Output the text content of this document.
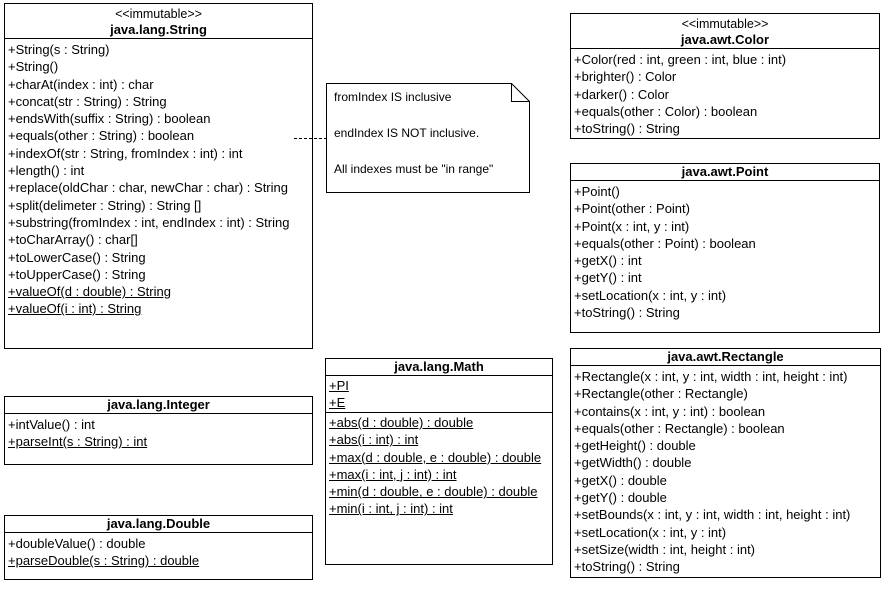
<<immutable>>
java.lang.String
+String(s : String)
+String()
+charAt(index : int) : char
+concat(str : String) : String
+endsWith(suffix : String) : boolean
+equals(other : String) : boolean
+indexOf(str : String, fromIndex : int) : int
+length() : int
+replace(oldChar : char, newChar : char) : String
+split(delimeter : String) : String []
+substring(fromIndex : int, endIndex : int) : String
+toCharArray() : char[]
+toLowerCase() : String
+toUpperCase() : String
+valueOf(d : double) : String
+valueOf(i : int) : String
java.lang.Integer
+intValue() : int
+parseInt(s : String) : int
java.lang.Double
+doubleValue() : double
+parseDouble(s : String) : double
fromIndex IS inclusive
endIndex IS NOT inclusive.
All indexes must be "in range"
java.lang.Math
+PI
+E
+abs(d : double) : double
+abs(i : int) : int
+max(d : double, e : double) : double
+max(i : int, j : int) : int
+min(d : double, e : double) : double
+min(i : int, j : int) : int
<<immutable>>
java.awt.Color
+Color(red : int, green : int, blue : int)
+brighter() : Color
+darker() : Color
+equals(other : Color) : boolean
+toString() : String
java.awt.Point
+Point()
+Point(other : Point)
+Point(x : int, y : int)
+equals(other : Point) : boolean
+getX() : int
+getY() : int
+setLocation(x : int, y : int)
+toString() : String
java.awt.Rectangle
+Rectangle(x : int, y : int, width : int, height : int)
+Rectangle(other : Rectangle)
+contains(x : int, y : int) : boolean
+equals(other : Rectangle) : boolean
+getHeight() : double
+getWidth() : double
+getX() : double
+getY() : double
+setBounds(x : int, y : int, width : int, height : int)
+setLocation(x : int, y : int)
+setSize(width : int, height : int)
+toString() : String
